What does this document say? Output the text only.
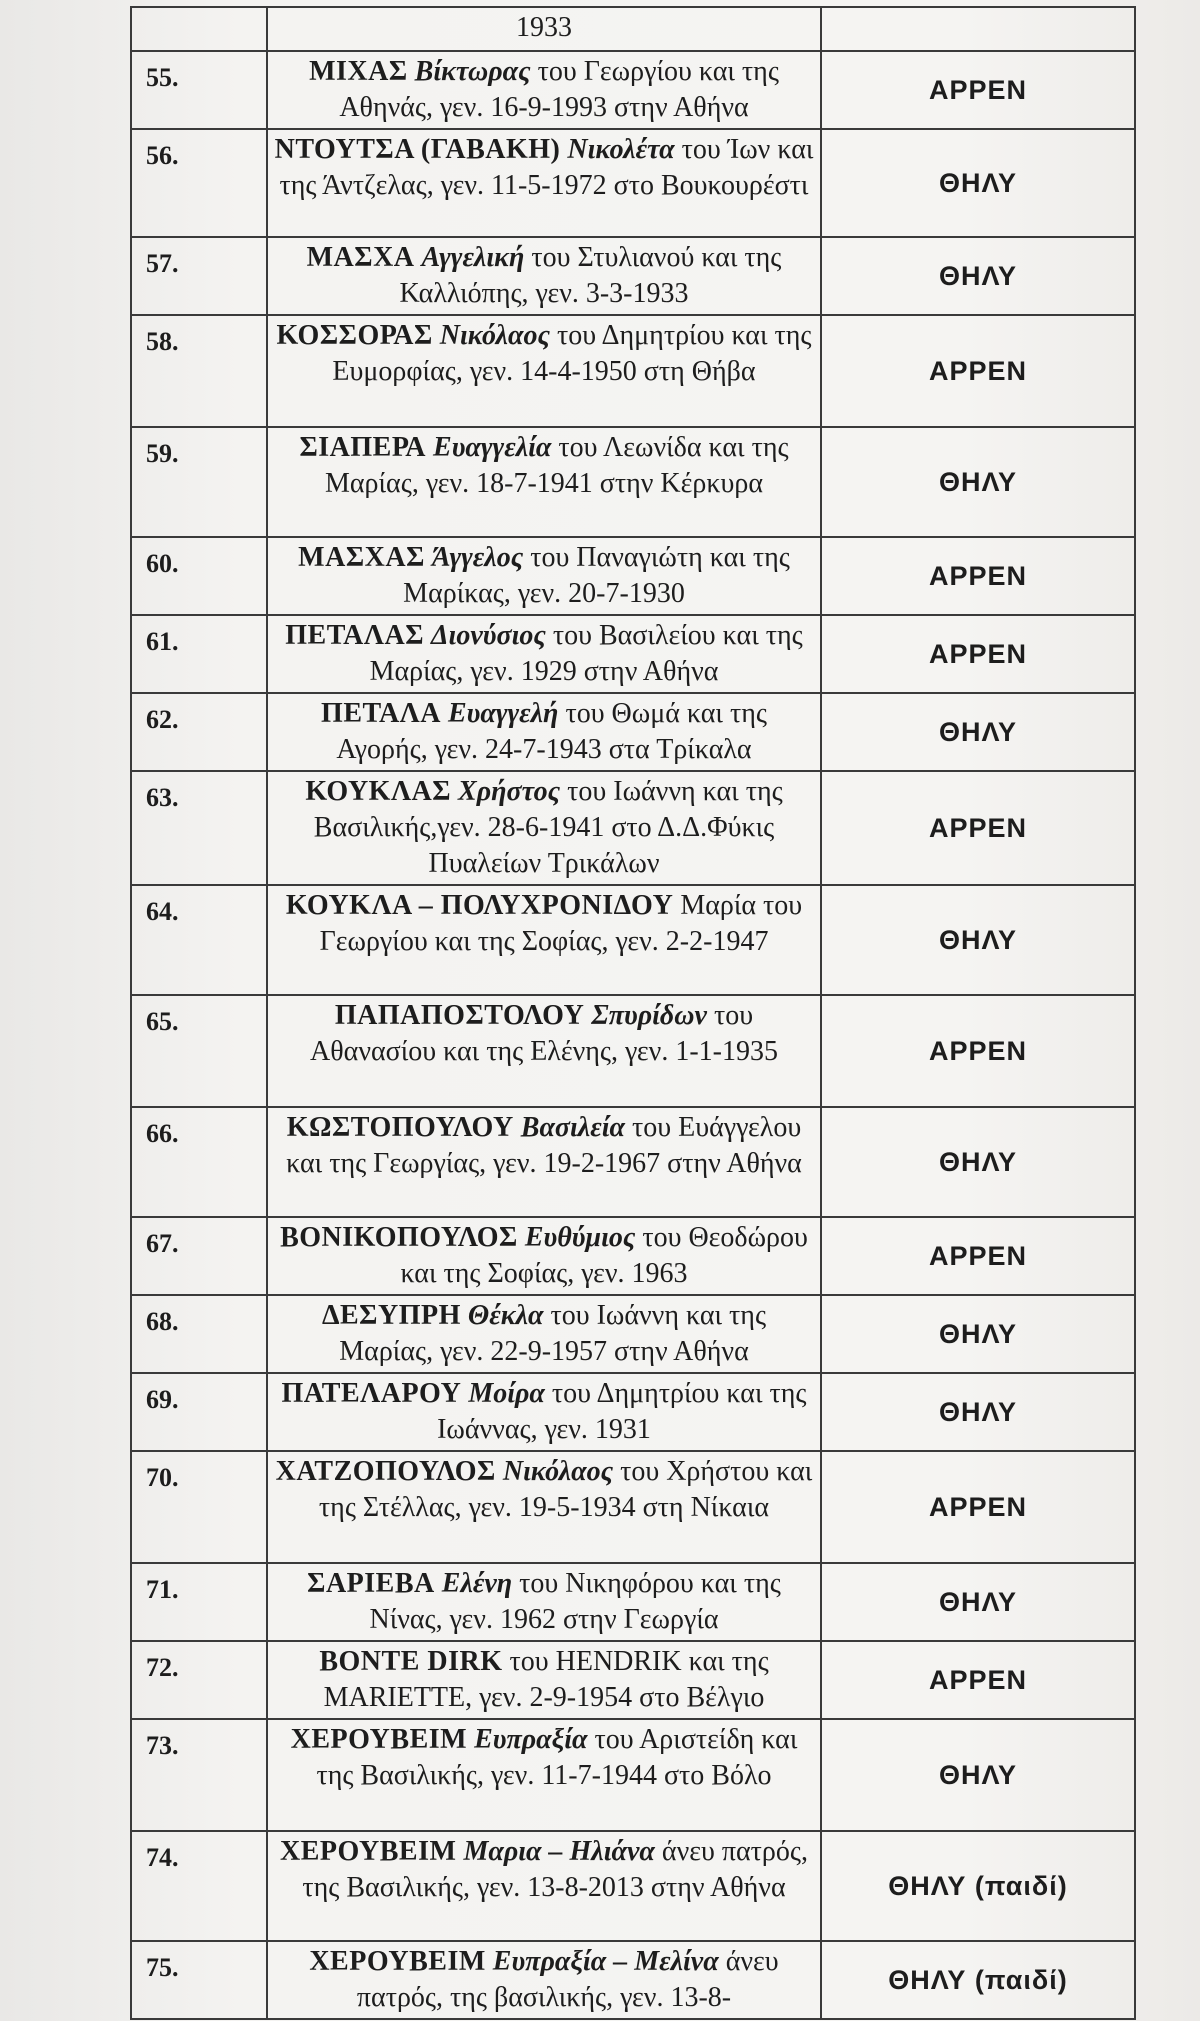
	1933	
55.	ΜΙΧΑΣ Βίκτωρας του Γεωργίου και της Αθηνάς, γεν. 16-9-1993 στην Αθήνα	ΑΡΡΕΝ
56.	ΝΤΟΥΤΣΑ (ΓΑΒΑΚΗ) Νικολέτα του Ίων και της Άντζελας, γεν. 11-5-1972 στο Βουκουρέστι	ΘΗΛΥ
57.	ΜΑΣΧΑ Αγγελική του Στυλιανού και της Καλλιόπης, γεν. 3-3-1933	ΘΗΛΥ
58.	ΚΟΣΣΟΡΑΣ Νικόλαος του Δημητρίου και της Ευμορφίας, γεν. 14-4-1950 στη Θήβα	ΑΡΡΕΝ
59.	ΣΙΑΠΕΡΑ Ευαγγελία του Λεωνίδα και της Μαρίας, γεν. 18-7-1941 στην Κέρκυρα	ΘΗΛΥ
60.	ΜΑΣΧΑΣ Άγγελος του Παναγιώτη και της Μαρίκας, γεν. 20-7-1930	ΑΡΡΕΝ
61.	ΠΕΤΑΛΑΣ Διονύσιος του Βασιλείου και της Μαρίας, γεν. 1929 στην Αθήνα	ΑΡΡΕΝ
62.	ΠΕΤΑΛΑ Ευαγγελή του Θωμά και της Αγορής, γεν. 24-7-1943 στα Τρίκαλα	ΘΗΛΥ
63.	ΚΟΥΚΛΑΣ Χρήστος του Ιωάννη και της Βασιλικής,γεν. 28-6-1941 στο Δ.Δ.Φύκις Πυαλείων Τρικάλων	ΑΡΡΕΝ
64.	ΚΟΥΚΛΑ – ΠΟΛΥΧΡΟΝΙΔΟΥ Μαρία του Γεωργίου και της Σοφίας, γεν. 2-2-1947	ΘΗΛΥ
65.	ΠΑΠΑΠΟΣΤΟΛΟΥ Σπυρίδων του Αθανασίου και της Ελένης, γεν. 1-1-1935	ΑΡΡΕΝ
66.	ΚΩΣΤΟΠΟΥΛΟΥ Βασιλεία του Ευάγγελου και της Γεωργίας, γεν. 19-2-1967 στην Αθήνα	ΘΗΛΥ
67.	ΒΟΝΙΚΟΠΟΥΛΟΣ Ευθύμιος του Θεοδώρου και της Σοφίας, γεν. 1963	ΑΡΡΕΝ
68.	ΔΕΣΥΠΡΗ Θέκλα του Ιωάννη και της Μαρίας, γεν. 22-9-1957 στην Αθήνα	ΘΗΛΥ
69.	ΠΑΤΕΛΑΡΟΥ Μοίρα του Δημητρίου και της Ιωάννας, γεν. 1931	ΘΗΛΥ
70.	ΧΑΤΖΟΠΟΥΛΟΣ Νικόλαος του Χρήστου και της Στέλλας, γεν. 19-5-1934 στη Νίκαια	ΑΡΡΕΝ
71.	ΣΑΡΙΕΒΑ Ελένη του Νικηφόρου και της Νίνας, γεν. 1962 στην Γεωργία	ΘΗΛΥ
72.	ΒΟΝΤΕ DIRK του HENDRIK και της MARIETTE, γεν. 2-9-1954 στο Βέλγιο	ΑΡΡΕΝ
73.	ΧΕΡΟΥΒΕΙΜ Ευπραξία του Αριστείδη και της Βασιλικής, γεν. 11-7-1944 στο Βόλο	ΘΗΛΥ
74.	ΧΕΡΟΥΒΕΙΜ Μαρια – Ηλιάνα άνευ πατρός, της Βασιλικής, γεν. 13-8-2013 στην Αθήνα	ΘΗΛΥ (παιδί)
75.	ΧΕΡΟΥΒΕΙΜ Ευπραξία – Μελίνα άνευ πατρός, της βασιλικής, γεν. 13-8-	ΘΗΛΥ (παιδί)
